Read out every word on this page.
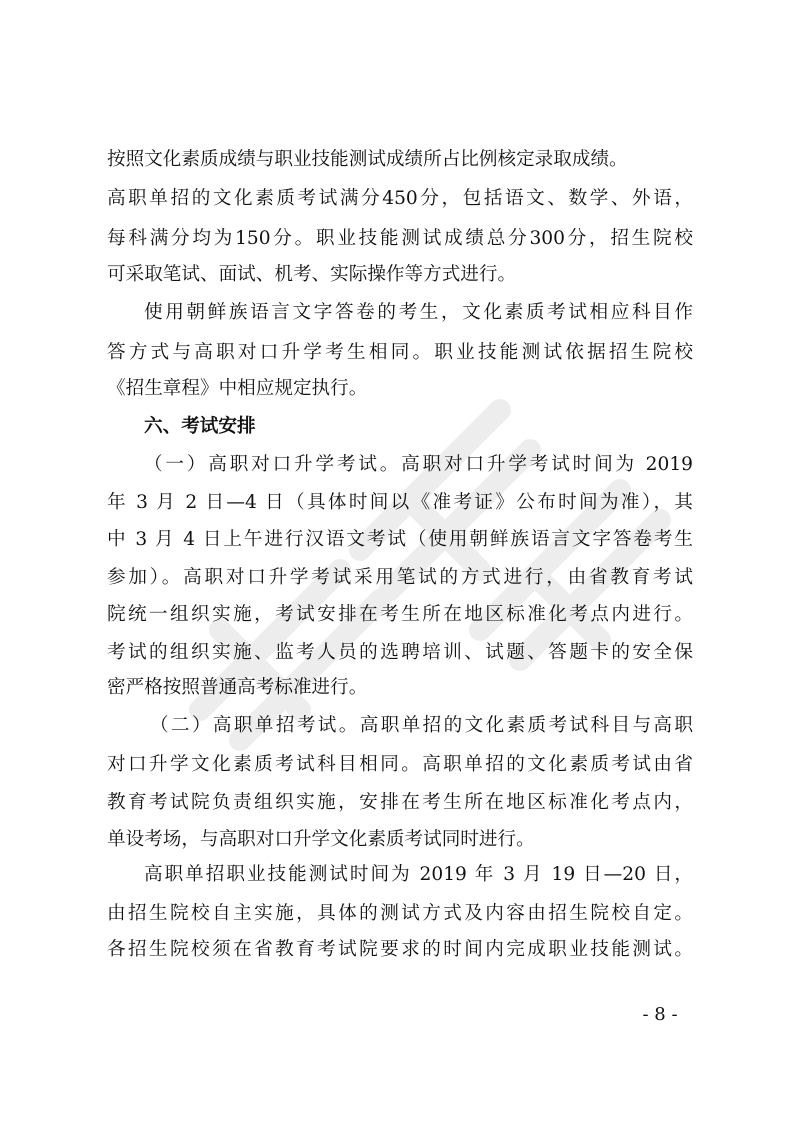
按照文化素质成绩与职业技能测试成绩所占比例核定录取成绩。
高职单招的文化素质考试满分450分，包括语文、数学、外语，
每科满分均为150分。职业技能测试成绩总分300分，招生院校
可采取笔试、面试、机考、实际操作等方式进行。
使用朝鲜族语言文字答卷的考生，文化素质考试相应科目作
答方式与高职对口升学考生相同。职业技能测试依据招生院校
《招生章程》中相应规定执行。
六、考试安排
（一）高职对口升学考试。高职对口升学考试时间为 2019
年 3 月 2 日—4 日（具体时间以《准考证》公布时间为准），其
中 3 月 4 日上午进行汉语文考试（使用朝鲜族语言文字答卷考生
参加）。高职对口升学考试采用笔试的方式进行，由省教育考试
院统一组织实施，考试安排在考生所在地区标准化考点内进行。
考试的组织实施、监考人员的选聘培训、试题、答题卡的安全保
密严格按照普通高考标准进行。
（二）高职单招考试。高职单招的文化素质考试科目与高职
对口升学文化素质考试科目相同。高职单招的文化素质考试由省
教育考试院负责组织实施，安排在考生所在地区标准化考点内，
单设考场，与高职对口升学文化素质考试同时进行。
高职单招职业技能测试时间为 2019 年 3 月 19 日—20 日，
由招生院校自主实施，具体的测试方式及内容由招生院校自定。
各招生院校须在省教育考试院要求的时间内完成职业技能测试。
- 8 -
